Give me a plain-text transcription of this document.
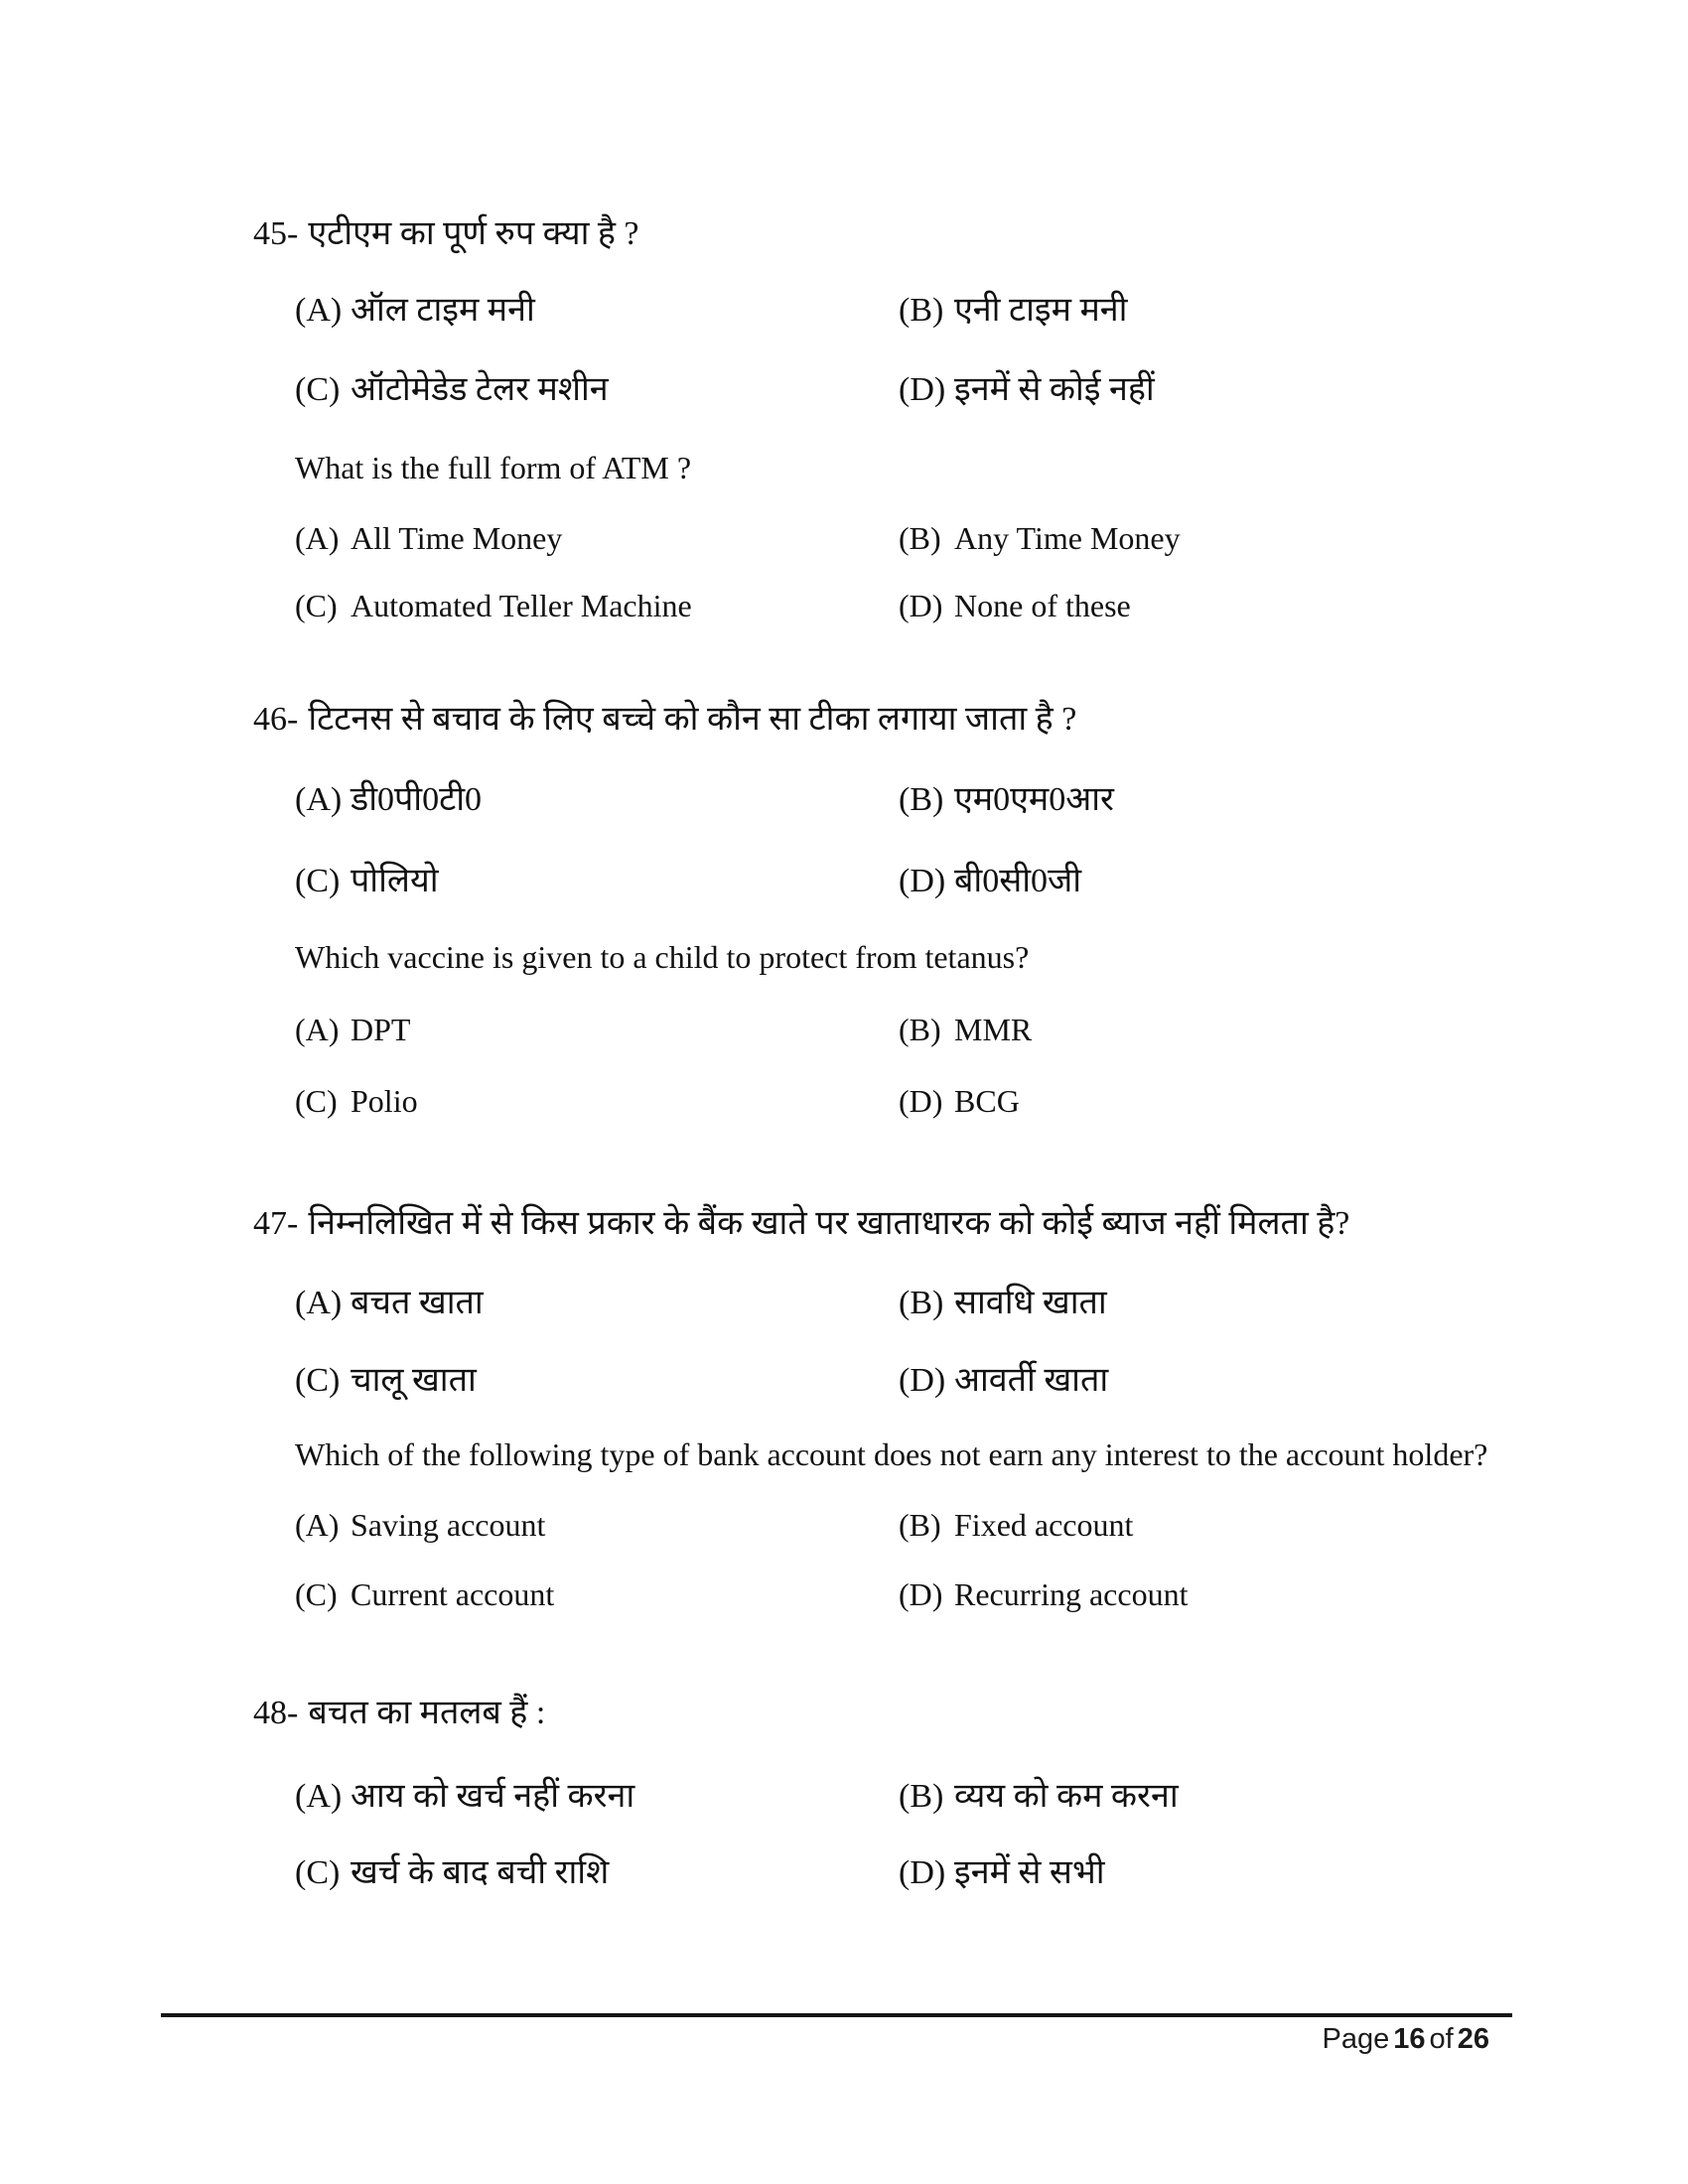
45- एटीएम का पूर्ण रुप क्या है ?
(A) ऑल टाइम मनी	(B) एनी टाइम मनी
(C) ऑटोमेडेड टेलर मशीन	(D) इनमें से कोई नहीं
What is the full form of ATM ?
(A) All Time Money	(B) Any Time Money
(C) Automated Teller Machine	(D) None of these
46- टिटनस से बचाव के लिए बच्चे को कौन सा टीका लगाया जाता है ?
(A) डी0पी0टी0	(B) एम0एम0आर
(C) पोलियो	(D) बी0सी0जी
Which vaccine is given to a child to protect from tetanus?
(A) DPT	(B) MMR
(C) Polio	(D) BCG
47- निम्नलिखित में से किस प्रकार के बैंक खाते पर खाताधारक को कोई ब्याज नहीं मिलता है?
(A) बचत खाता	(B) सावधि खाता
(C) चालू खाता	(D) आवर्ती खाता
Which of the following type of bank account does not earn any interest to the account holder?
(A) Saving account	(B) Fixed account
(C) Current account	(D) Recurring account
48- बचत का मतलब हैं :
(A) आय को खर्च नहीं करना	(B) व्यय को कम करना
(C) खर्च के बाद बची राशि	(D) इनमें से सभी
Page 16 of 26
